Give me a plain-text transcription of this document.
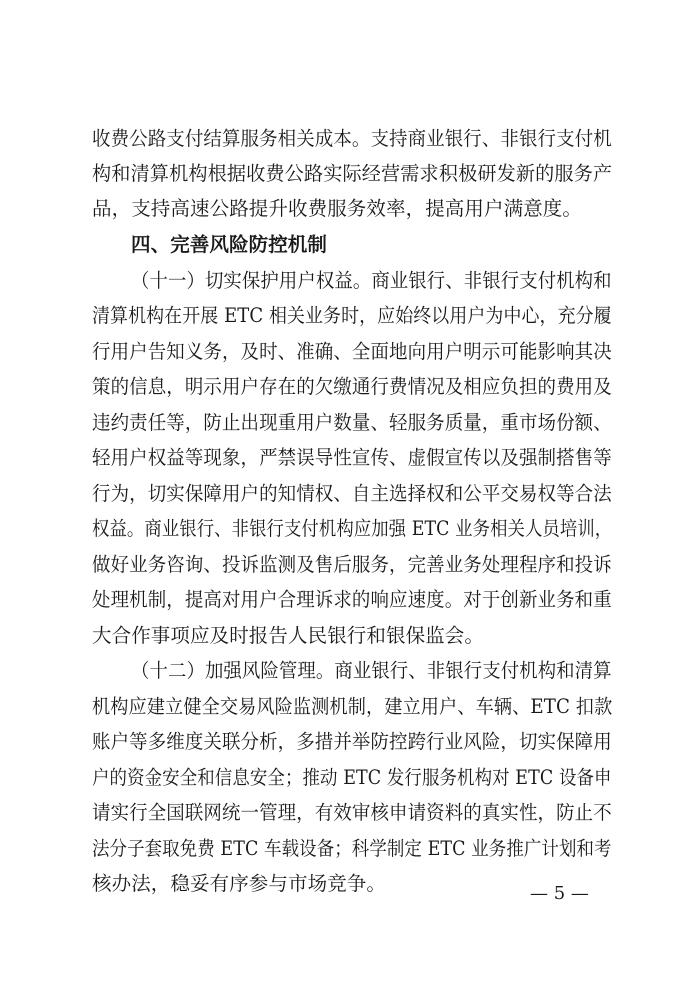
收费公路支付结算服务相关成本。支持商业银行、非银行支付机
构和清算机构根据收费公路实际经营需求积极研发新的服务产
品，支持高速公路提升收费服务效率，提高用户满意度。
四、完善风险防控机制
（十一）切实保护用户权益。商业银行、非银行支付机构和
清算机构在开展 ETC 相关业务时，应始终以用户为中心，充分履
行用户告知义务，及时、准确、全面地向用户明示可能影响其决
策的信息，明示用户存在的欠缴通行费情况及相应负担的费用及
违约责任等，防止出现重用户数量、轻服务质量，重市场份额、
轻用户权益等现象，严禁误导性宣传、虚假宣传以及强制搭售等
行为，切实保障用户的知情权、自主选择权和公平交易权等合法
权益。商业银行、非银行支付机构应加强 ETC 业务相关人员培训，
做好业务咨询、投诉监测及售后服务，完善业务处理程序和投诉
处理机制，提高对用户合理诉求的响应速度。对于创新业务和重
大合作事项应及时报告人民银行和银保监会。
（十二）加强风险管理。商业银行、非银行支付机构和清算
机构应建立健全交易风险监测机制，建立用户、车辆、ETC 扣款
账户等多维度关联分析，多措并举防控跨行业风险，切实保障用
户的资金安全和信息安全；推动 ETC 发行服务机构对 ETC 设备申
请实行全国联网统一管理，有效审核申请资料的真实性，防止不
法分子套取免费 ETC 车载设备；科学制定 ETC 业务推广计划和考
核办法，稳妥有序参与市场竞争。	— 5 —
